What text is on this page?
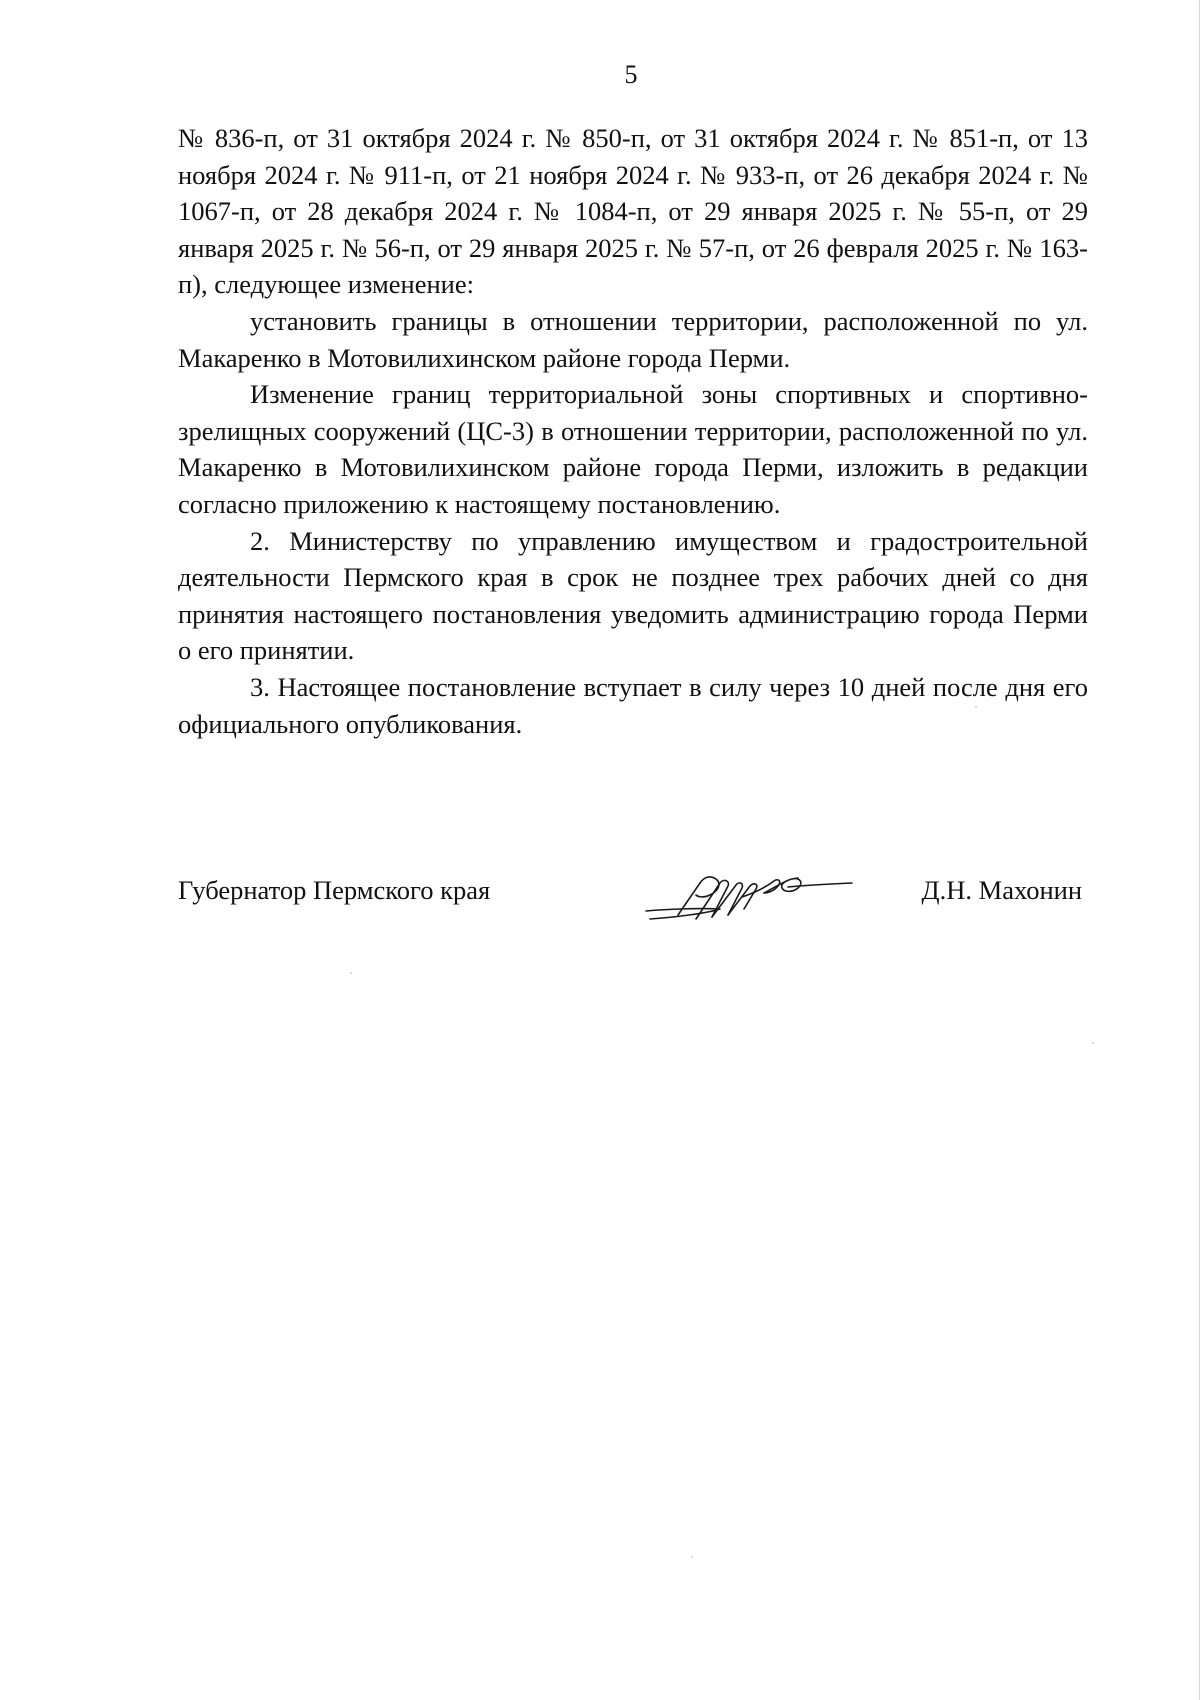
5

№ 836-п, от 31 октября 2024 г. № 850-п, от 31 октября 2024 г. № 851-п, от 13 ноября 2024 г. № 911-п, от 21 ноября 2024 г. № 933-п, от 26 декабря 2024 г. № 1067-п, от 28 декабря 2024 г. № 1084-п, от 29 января 2025 г. № 55-п, от 29 января 2025 г. № 56-п, от 29 января 2025 г. № 57-п, от 26 февраля 2025 г. № 163-п), следующее изменение:

установить границы в отношении территории, расположенной по ул. Макаренко в Мотовилихинском районе города Перми.

Изменение границ территориальной зоны спортивных и спортивно-зрелищных сооружений (ЦС-3) в отношении территории, расположенной по ул. Макаренко в Мотовилихинском районе города Перми, изложить в редакции согласно приложению к настоящему постановлению.

2. Министерству по управлению имуществом и градостроительной деятельности Пермского края в срок не позднее трех рабочих дней со дня принятия настоящего постановления уведомить администрацию города Перми о его принятии.

3. Настоящее постановление вступает в силу через 10 дней после дня его официального опубликования.

Губернатор Пермского края	Д.Н. Махонин
